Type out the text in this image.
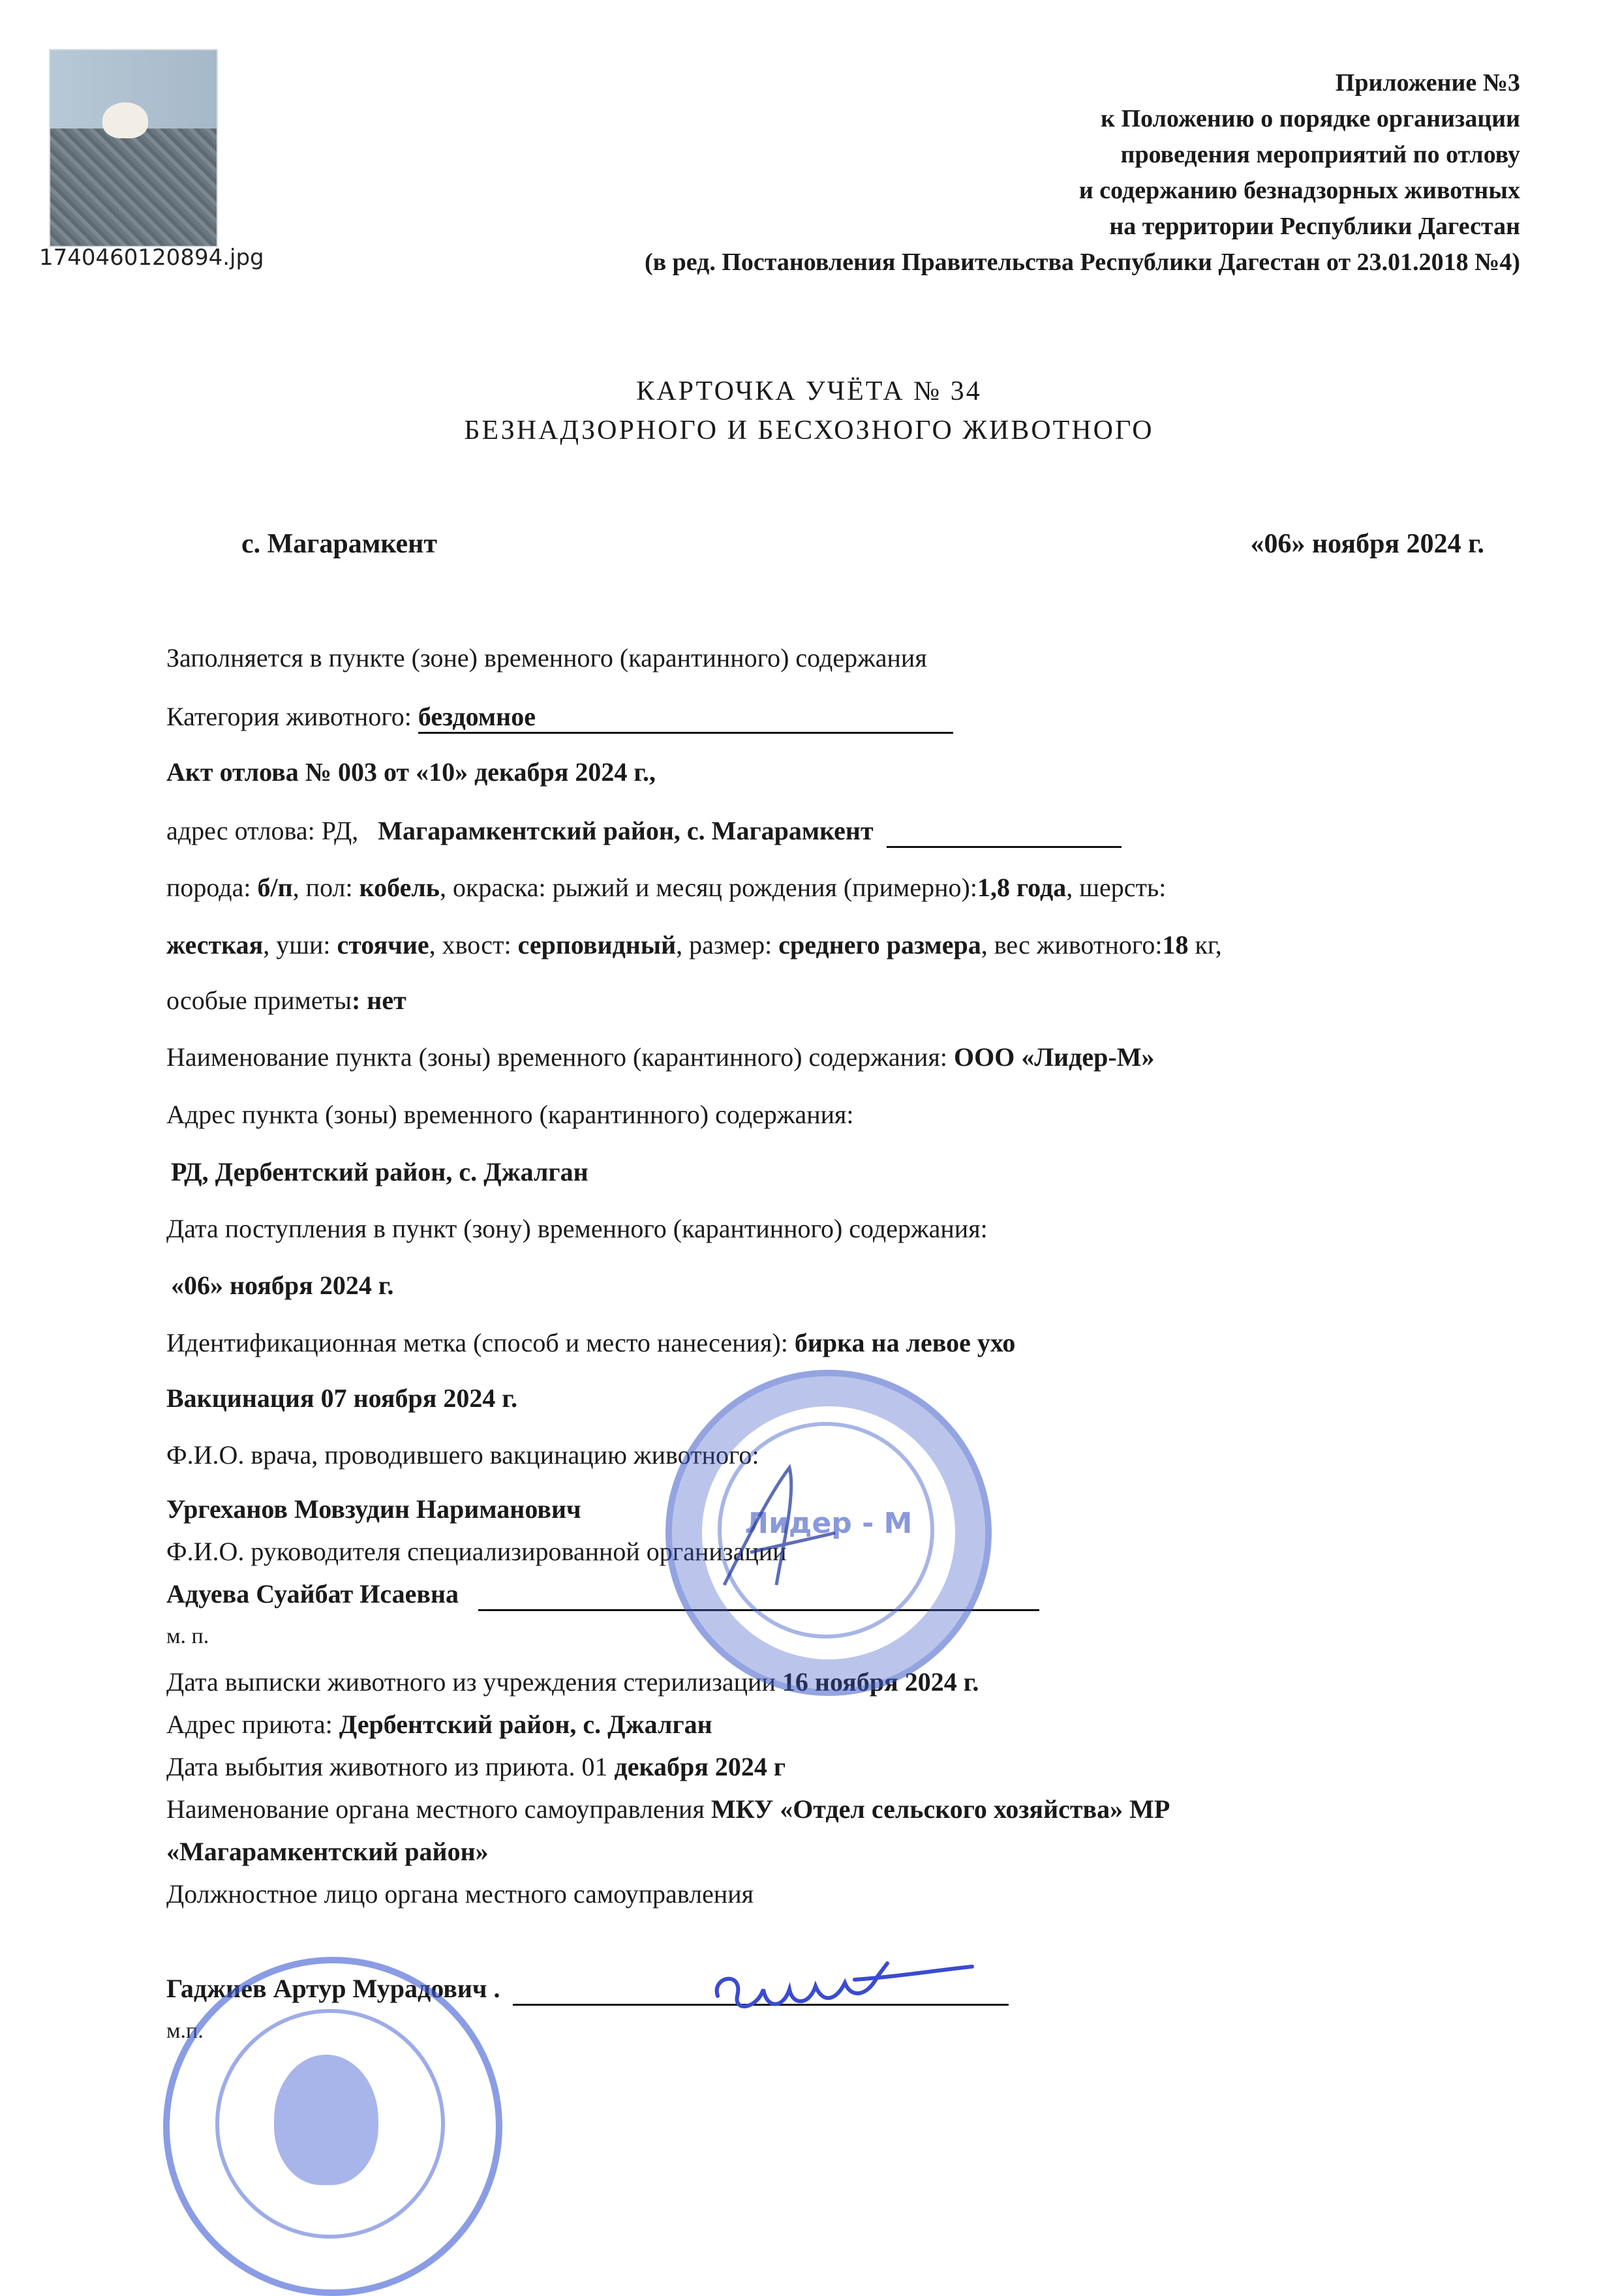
1740460120894.jpg
Приложение №3
к Положению о порядке организации
проведения мероприятий по отлову
и содержанию безнадзорных животных
на территории Республики Дагестан
(в ред. Постановления Правительства Республики Дагестан от 23.01.2018 №4)
КАРТОЧКА УЧЁТА № 34
БЕЗНАДЗОРНОГО И БЕСХОЗНОГО ЖИВОТНОГО
с. Магарамкент	«06» ноября 2024 г.
Заполняется в пункте (зоне) временного (карантинного) содержания
Категория животного: бездомное
Акт отлова № 003 от «10» декабря 2024 г.,
адрес отлова: РД, Магарамкентский район, с. Магарамкент
порода: б/п, пол: кобель, окраска: рыжий и месяц рождения (примерно):1,8 года, шерсть:
жесткая, уши: стоячие, хвост: серповидный, размер: среднего размера, вес животного:18 кг,
особые приметы: нет
Наименование пункта (зоны) временного (карантинного) содержания: ООО «Лидер-М»
Адрес пункта (зоны) временного (карантинного) содержания:
РД, Дербентский район, с. Джалган
Дата поступления в пункт (зону) временного (карантинного) содержания:
«06» ноября 2024 г.
Идентификационная метка (способ и место нанесения): бирка на левое ухо
Вакцинация 07 ноября 2024 г.
Ф.И.О. врача, проводившего вакцинацию животного:
Ургеханов Мовзудин Нариманович
Ф.И.О. руководителя специализированной организации
Адуева Суайбат Исаевна
м. п.
Дата выписки животного из учреждения стерилизации 16 ноября 2024 г.
Адрес приюта: Дербентский район, с. Джалган
Дата выбытия животного из приюта. 01 декабря 2024 г
Наименование органа местного самоуправления МКУ «Отдел сельского хозяйства» МР
«Магарамкентский район»
Должностное лицо органа местного самоуправления
Гаджиев Артур Мурадович .
м.п.
Лидер - М
